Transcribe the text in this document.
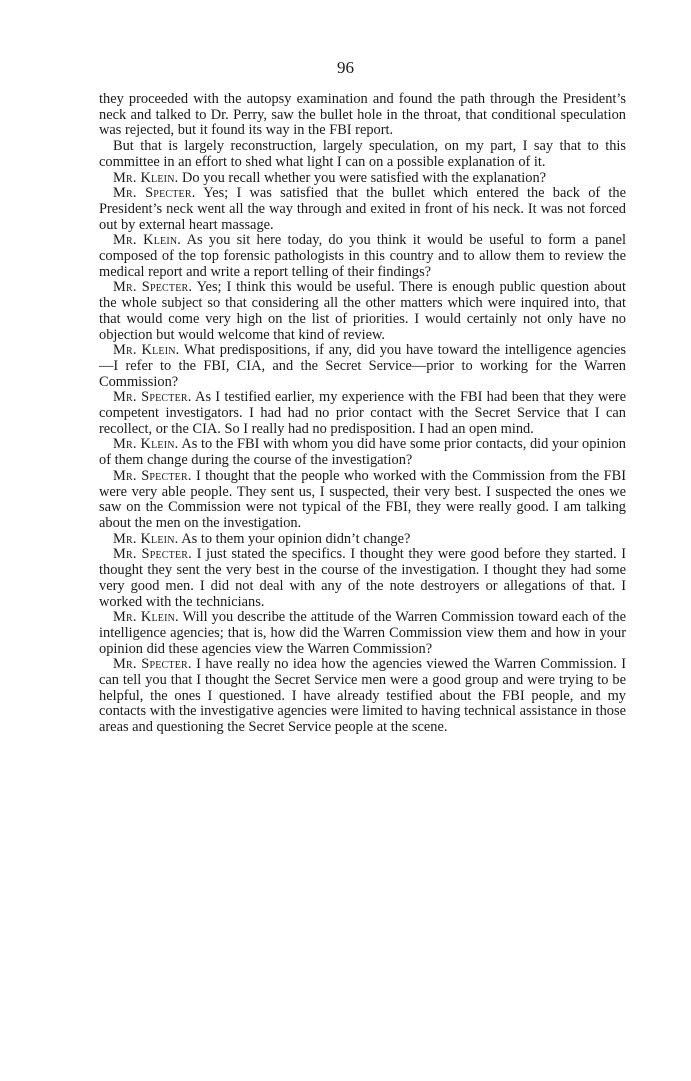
96

they proceeded with the autopsy examination and found the path through the President’s neck and talked to Dr. Perry, saw the bullet hole in the throat, that conditional speculation was rejected, but it found its way in the FBI report.

But that is largely reconstruction, largely speculation, on my part, I say that to this committee in an effort to shed what light I can on a possible explanation of it.

Mr. Klein. Do you recall whether you were satisfied with the explanation?

Mr. Specter. Yes; I was satisfied that the bullet which entered the back of the President’s neck went all the way through and exited in front of his neck. It was not forced out by external heart massage.

Mr. Klein. As you sit here today, do you think it would be useful to form a panel composed of the top forensic pathologists in this country and to allow them to review the medical report and write a report telling of their findings?

Mr. Specter. Yes; I think this would be useful. There is enough public question about the whole subject so that considering all the other matters which were inquired into, that that would come very high on the list of priorities. I would certainly not only have no objection but would welcome that kind of review.

Mr. Klein. What predispositions, if any, did you have toward the intelligence agencies—I refer to the FBI, CIA, and the Secret Service—prior to working for the Warren Commission?

Mr. Specter. As I testified earlier, my experience with the FBI had been that they were competent investigators. I had had no prior contact with the Secret Service that I can recollect, or the CIA. So I really had no predisposition. I had an open mind.

Mr. Klein. As to the FBI with whom you did have some prior contacts, did your opinion of them change during the course of the investigation?

Mr. Specter. I thought that the people who worked with the Commission from the FBI were very able people. They sent us, I suspected, their very best. I suspected the ones we saw on the Commission were not typical of the FBI, they were really good. I am talking about the men on the investigation.

Mr. Klein. As to them your opinion didn’t change?

Mr. Specter. I just stated the specifics. I thought they were good before they started. I thought they sent the very best in the course of the investigation. I thought they had some very good men. I did not deal with any of the note destroyers or allegations of that. I worked with the technicians.

Mr. Klein. Will you describe the attitude of the Warren Commission toward each of the intelligence agencies; that is, how did the Warren Commission view them and how in your opinion did these agencies view the Warren Commission?

Mr. Specter. I have really no idea how the agencies viewed the Warren Commission. I can tell you that I thought the Secret Service men were a good group and were trying to be helpful, the ones I questioned. I have already testified about the FBI people, and my contacts with the investigative agencies were limited to having technical assistance in those areas and questioning the Secret Service people at the scene.
